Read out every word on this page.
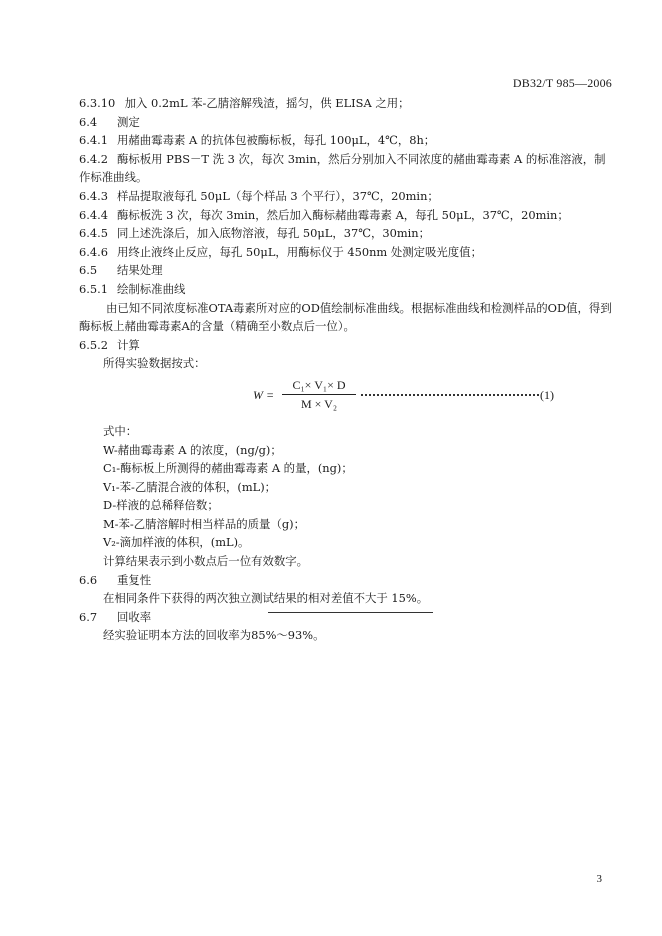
DB32/T 985—2006
6.3.10 加入 0.2mL 苯-乙腈溶解残渣，摇匀，供 ELISA 之用；
6.4 测定
6.4.1 用赭曲霉毒素 A 的抗体包被酶标板，每孔 100μL，4℃，8h；
6.4.2 酶标板用 PBS－T 洗 3 次，每次 3min，然后分别加入不同浓度的赭曲霉毒素 A 的标准溶液，制
作标准曲线。
6.4.3 样品提取液每孔 50μL（每个样品 3 个平行），37℃，20min；
6.4.4 酶标板洗 3 次，每次 3min，然后加入酶标赭曲霉毒素 A，每孔 50μL，37℃，20min；
6.4.5 同上述洗涤后，加入底物溶液，每孔 50μL，37℃，30min；
6.4.6 用终止液终止反应，每孔 50μL，用酶标仪于 450nm 处测定吸光度值；
6.5 结果处理
6.5.1 绘制标准曲线
由已知不同浓度标准OTA毒素所对应的OD值绘制标准曲线。根据标准曲线和检测样品的OD值，得到
酶标板上赭曲霉毒素A的含量（精确至小数点后一位）。
6.5.2 计算
所得实验数据按式：
W =
C₁× V₁× D
M × V₂
(1)
式中：
W-赭曲霉毒素 A 的浓度，(ng/g)；
C₁-酶标板上所测得的赭曲霉毒素 A 的量，(ng)；
V₁-苯-乙腈混合液的体积，(mL)；
D-样液的总稀释倍数；
M-苯-乙腈溶解时相当样品的质量（g)；
V₂-滴加样液的体积，(mL)。
计算结果表示到小数点后一位有效数字。
6.6 重复性
在相同条件下获得的两次独立测试结果的相对差值不大于 15%。
6.7 回收率
经实验证明本方法的回收率为85%～93%。
3
